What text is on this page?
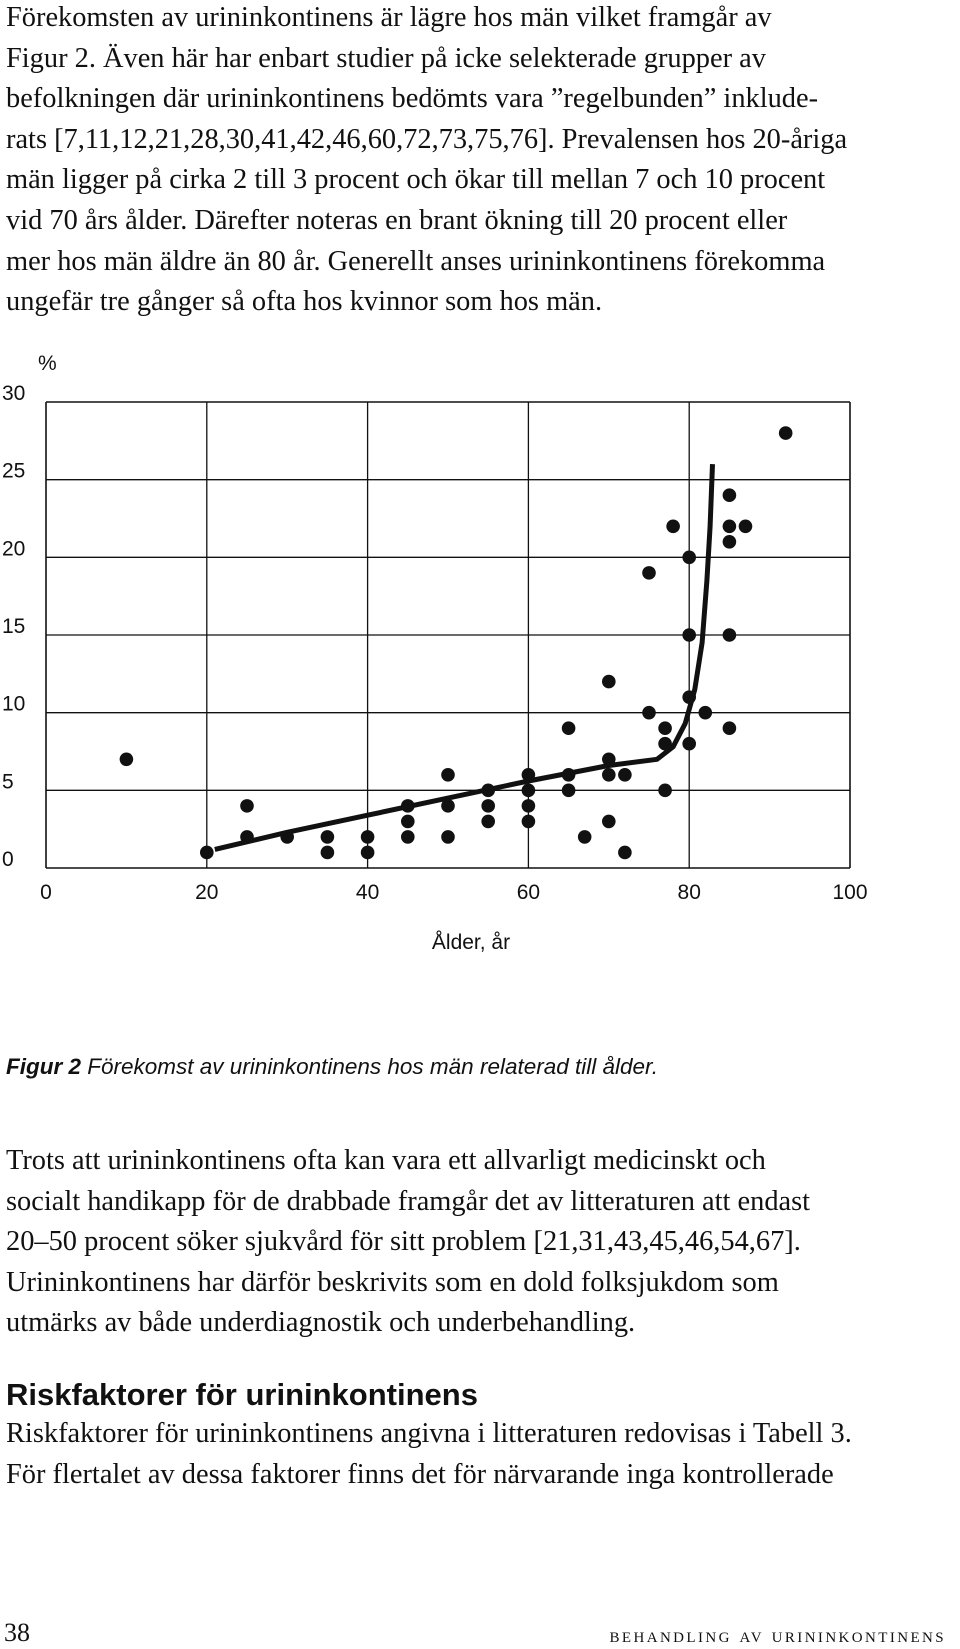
Förekomsten av urininkontinens är lägre hos män vilket framgår av
Figur 2. Även här har enbart studier på icke selekterade grupper av
befolkningen där urininkontinens bedömts vara ”regelbunden” inklude-
rats [7,11,12,21,28,30,41,42,46,60,72,73,75,76]. Prevalensen hos 20-åriga
män ligger på cirka 2 till 3 procent och ökar till mellan 7 och 10 procent
vid 70 års ålder. Därefter noteras en brant ökning till 20 procent eller
mer hos män äldre än 80 år. Generellt anses urininkontinens förekomma
ungefär tre gånger så ofta hos kvinnor som hos män.
0
5
10
15
20
25
30
0	20	40	60	80	100
%
Ålder, år

Figur 2 Förekomst av urininkontinens hos män relaterad till ålder.

Trots att urininkontinens ofta kan vara ett allvarligt medicinskt och
socialt handikapp för de drabbade framgår det av litteraturen att endast
20–50 procent söker sjukvård för sitt problem [21,31,43,45,46,54,67].
Urininkontinens har därför beskrivits som en dold folksjukdom som
utmärks av både underdiagnostik och underbehandling.
Riskfaktorer för urininkontinens
Riskfaktorer för urininkontinens angivna i litteraturen redovisas i Tabell 3.
För flertalet av dessa faktorer finns det för närvarande inga kontrollerade
38	behandling av urininkontinens
